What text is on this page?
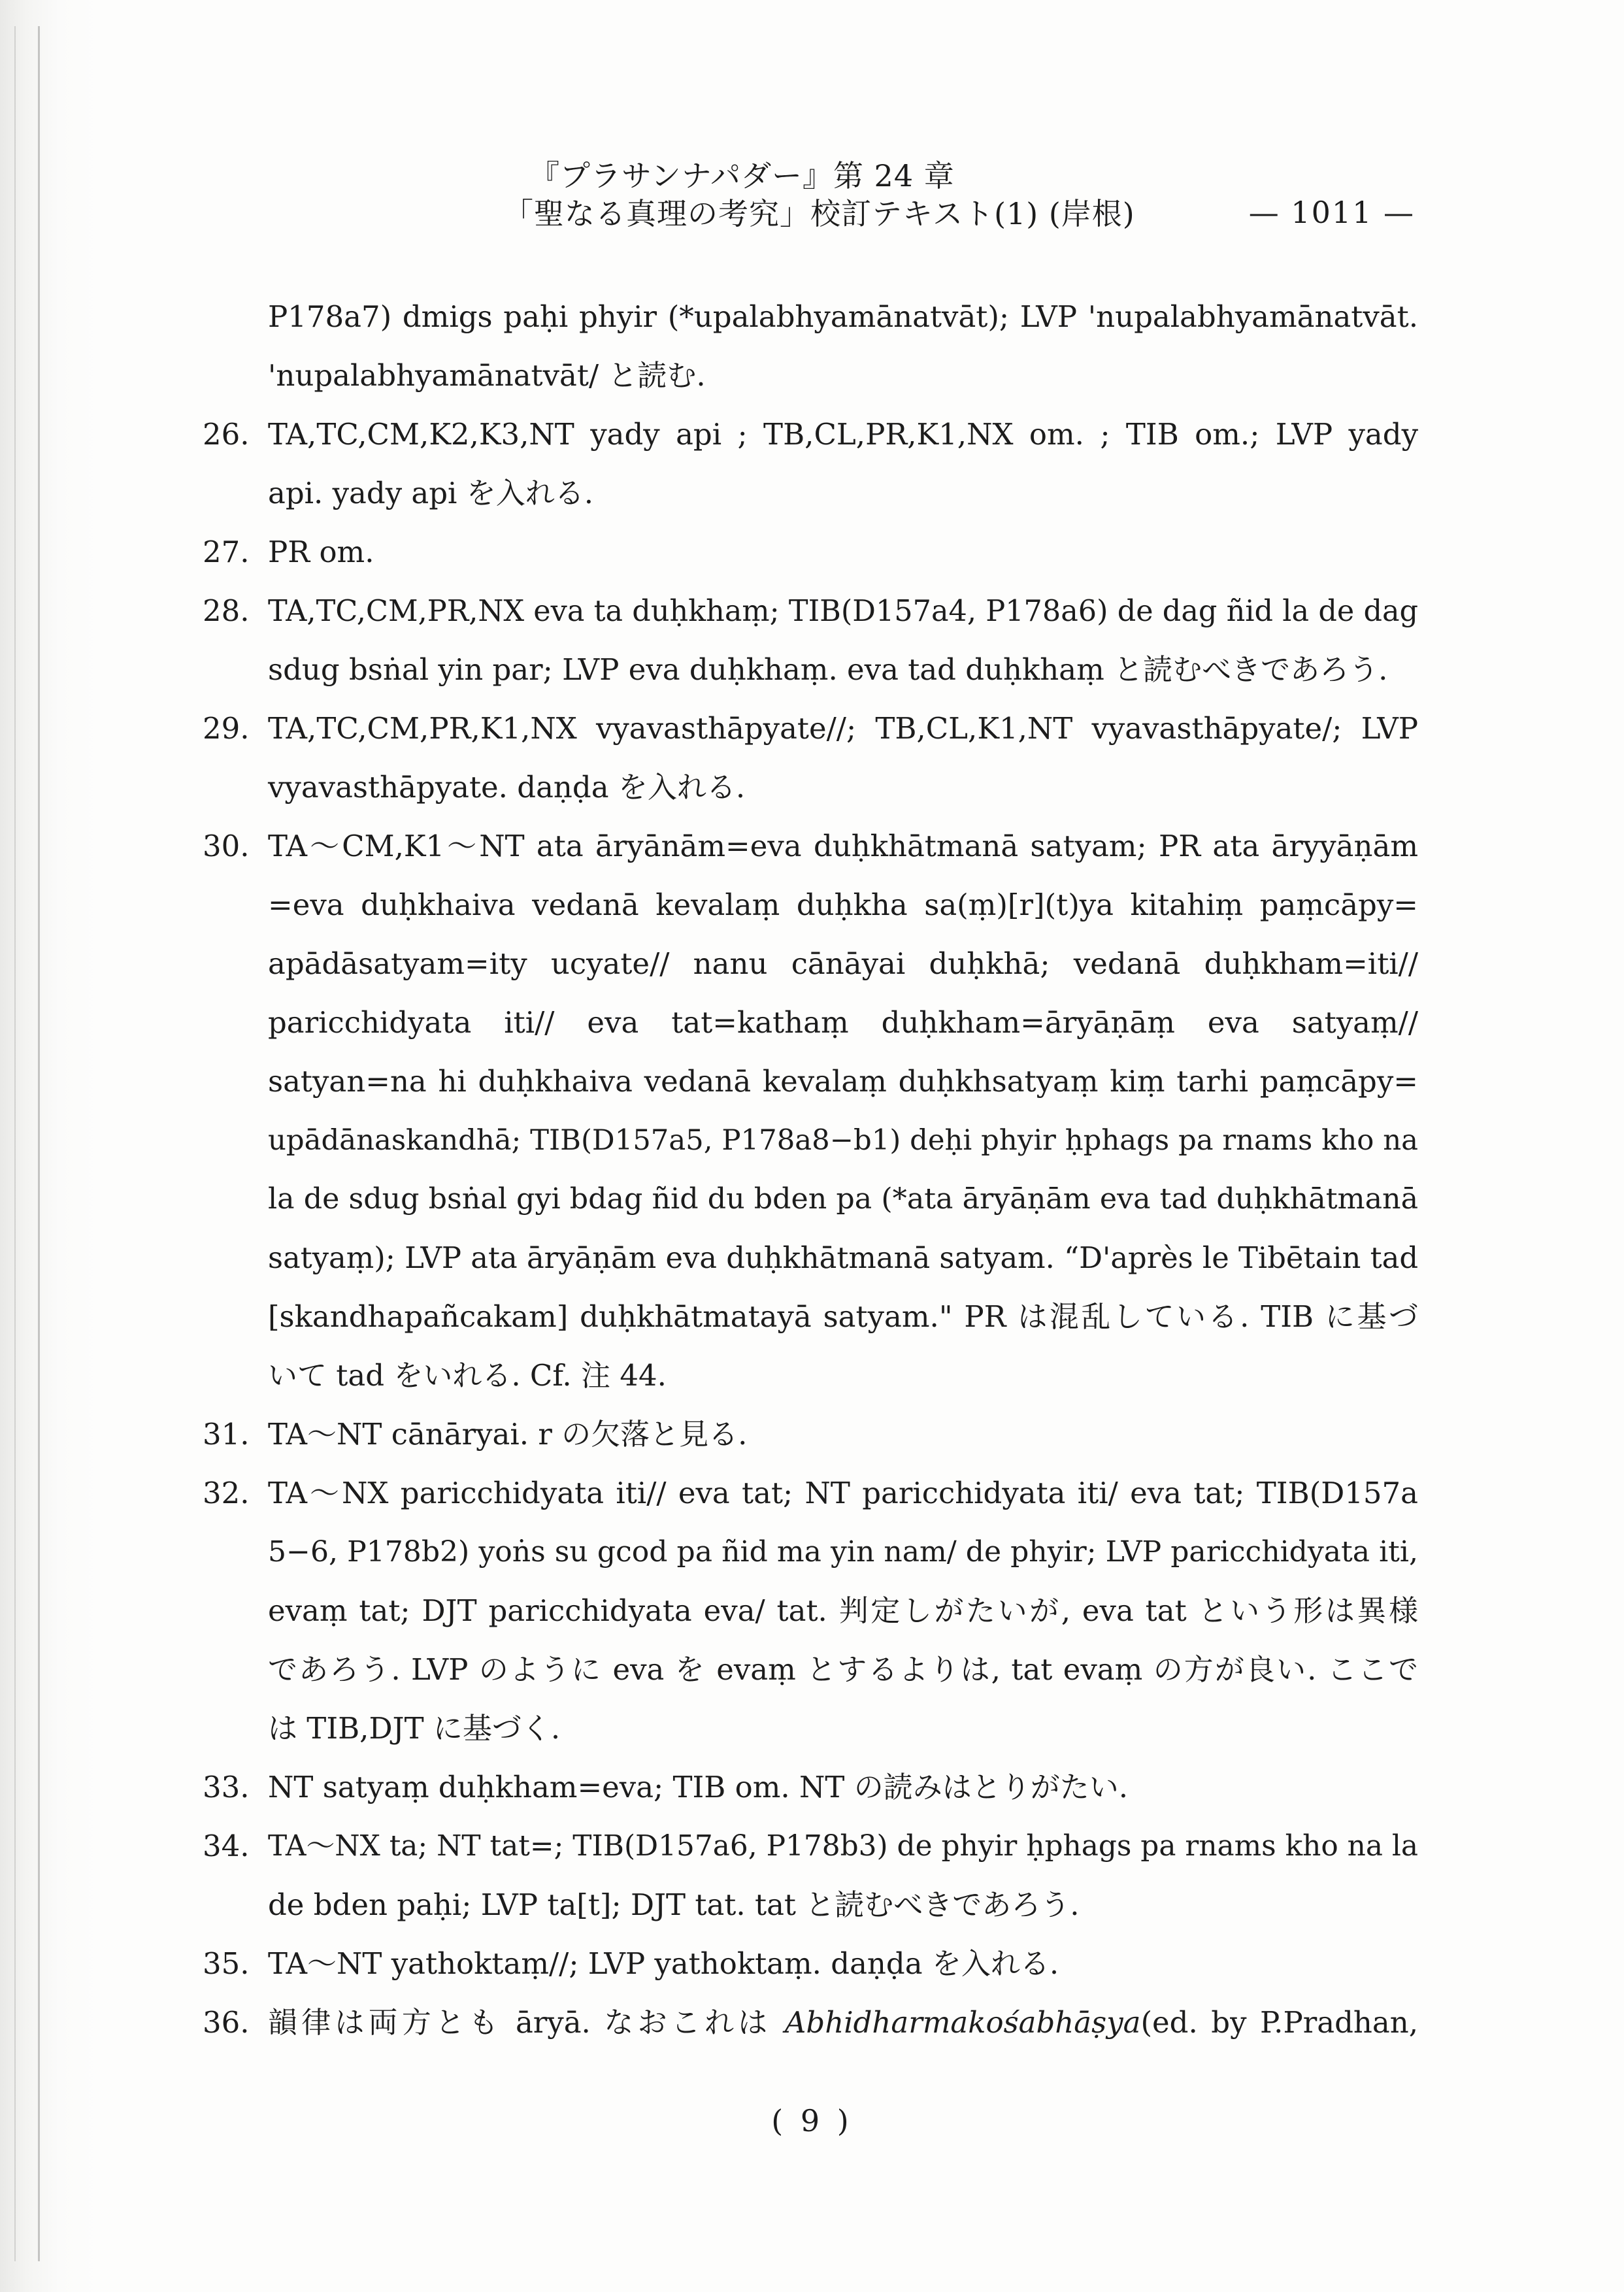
『プラサンナパダー』第 24 章
「聖なる真理の考究」校訂テキスト(1) (岸根)	— 1011 —
P178a7) dmigs paḥi phyir (*upalabhyamānatvāt); LVP 'nupalabhyamānatvāt.
'nupalabhyamānatvāt/ と読む.
26. TA,TC,CM,K2,K3,NT yady api ; TB,CL,PR,K1,NX om. ; TIB om.; LVP yady
api. yady api を入れる.
27. PR om.
28. TA,TC,CM,PR,NX eva ta duḥkhaṃ; TIB(D157a4, P178a6) de dag ñid la de dag
sdug bsṅal yin par; LVP eva duḥkhaṃ. eva tad duḥkhaṃ と読むべきであろう.
29. TA,TC,CM,PR,K1,NX vyavasthāpyate//; TB,CL,K1,NT vyavasthāpyate/; LVP
vyavasthāpyate. daṇḍa を入れる.
30. TA〜CM,K1〜NT ata āryānām=eva duḥkhātmanā satyam; PR ata āryyāṇām
=eva duḥkhaiva vedanā kevalaṃ duḥkha sa(ṃ)[r](t)ya kitahiṃ paṃcāpy=
apādāsatyam=ity ucyate// nanu cānāyai duḥkhā; vedanā duḥkham=iti//
paricchidyata iti// eva tat=kathaṃ duḥkham=āryāṇāṃ eva satyaṃ//
satyan=na hi duḥkhaiva vedanā kevalaṃ duḥkhsatyaṃ kiṃ tarhi paṃcāpy=
upādānaskandhā; TIB(D157a5, P178a8−b1) deḥi phyir ḥphags pa rnams kho na
la de sdug bsṅal gyi bdag ñid du bden pa (*ata āryāṇām eva tad duḥkhātmanā
satyaṃ); LVP ata āryāṇām eva duḥkhātmanā satyam. “D'après le Tibētain tad
[skandhapañcakam] duḥkhātmatayā satyam." PR は混乱している. TIB に基づ
いて tad をいれる. Cf. 注 44.
31. TA〜NT cānāryai. r の欠落と見る.
32. TA〜NX paricchidyata iti// eva tat; NT paricchidyata iti/ eva tat; TIB(D157a
5−6, P178b2) yoṅs su gcod pa ñid ma yin nam/ de phyir; LVP paricchidyata iti,
evaṃ tat; DJT paricchidyata eva/ tat. 判定しがたいが, eva tat という形は異様
であろう. LVP のように eva を evaṃ とするよりは, tat evaṃ の方が良い. ここで
は TIB,DJT に基づく.
33. NT satyaṃ duḥkham=eva; TIB om. NT の読みはとりがたい.
34. TA〜NX ta; NT tat=; TIB(D157a6, P178b3) de phyir ḥphags pa rnams kho na la
de bden paḥi; LVP ta[t]; DJT tat. tat と読むべきであろう.
35. TA〜NT yathoktaṃ//; LVP yathoktaṃ. daṇḍa を入れる.
36. 韻律は両方とも āryā. なおこれは Abhidharmakośabhāṣya(ed. by P.Pradhan,
( 9 )
